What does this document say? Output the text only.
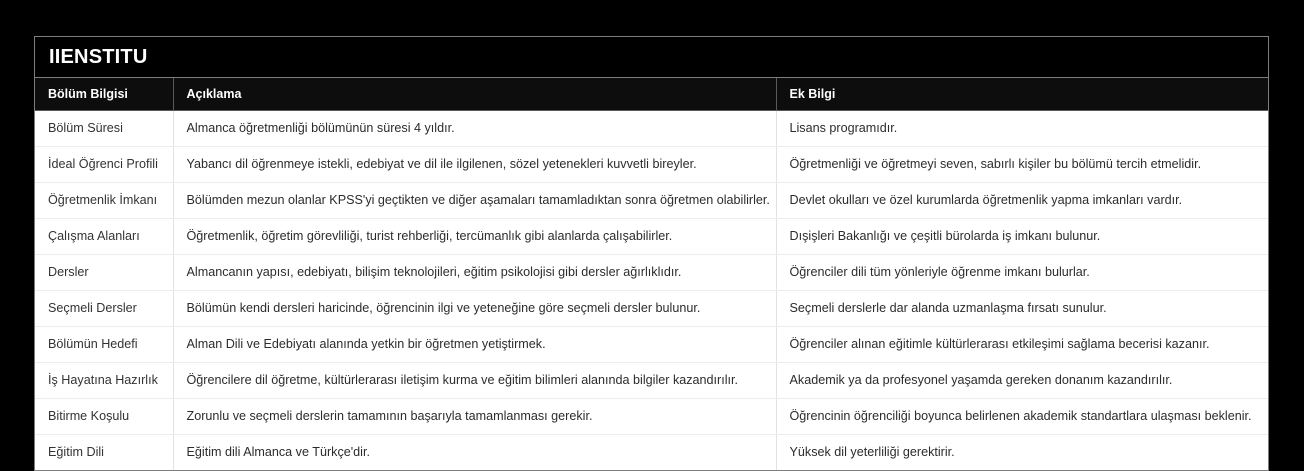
IIENSTITU
Bölüm Bilgisi	Açıklama	Ek Bilgi
Bölüm Süresi	Almanca öğretmenliği bölümünün süresi 4 yıldır.	Lisans programıdır.
İdeal Öğrenci Profili	Yabancı dil öğrenmeye istekli, edebiyat ve dil ile ilgilenen, sözel yetenekleri kuvvetli bireyler.	Öğretmenliği ve öğretmeyi seven, sabırlı kişiler bu bölümü tercih etmelidir.
Öğretmenlik İmkanı	Bölümden mezun olanlar KPSS'yi geçtikten ve diğer aşamaları tamamladıktan sonra öğretmen olabilirler.	Devlet okulları ve özel kurumlarda öğretmenlik yapma imkanları vardır.
Çalışma Alanları	Öğretmenlik, öğretim görevliliği, turist rehberliği, tercümanlık gibi alanlarda çalışabilirler.	Dışişleri Bakanlığı ve çeşitli bürolarda iş imkanı bulunur.
Dersler	Almancanın yapısı, edebiyatı, bilişim teknolojileri, eğitim psikolojisi gibi dersler ağırlıklıdır.	Öğrenciler dili tüm yönleriyle öğrenme imkanı bulurlar.
Seçmeli Dersler	Bölümün kendi dersleri haricinde, öğrencinin ilgi ve yeteneğine göre seçmeli dersler bulunur.	Seçmeli derslerle dar alanda uzmanlaşma fırsatı sunulur.
Bölümün Hedefi	Alman Dili ve Edebiyatı alanında yetkin bir öğretmen yetiştirmek.	Öğrenciler alınan eğitimle kültürlerarası etkileşimi sağlama becerisi kazanır.
İş Hayatına Hazırlık	Öğrencilere dil öğretme, kültürlerarası iletişim kurma ve eğitim bilimleri alanında bilgiler kazandırılır.	Akademik ya da profesyonel yaşamda gereken donanım kazandırılır.
Bitirme Koşulu	Zorunlu ve seçmeli derslerin tamamının başarıyla tamamlanması gerekir.	Öğrencinin öğrenciliği boyunca belirlenen akademik standartlara ulaşması beklenir.
Eğitim Dili	Eğitim dili Almanca ve Türkçe'dir.	Yüksek dil yeterliliği gerektirir.
